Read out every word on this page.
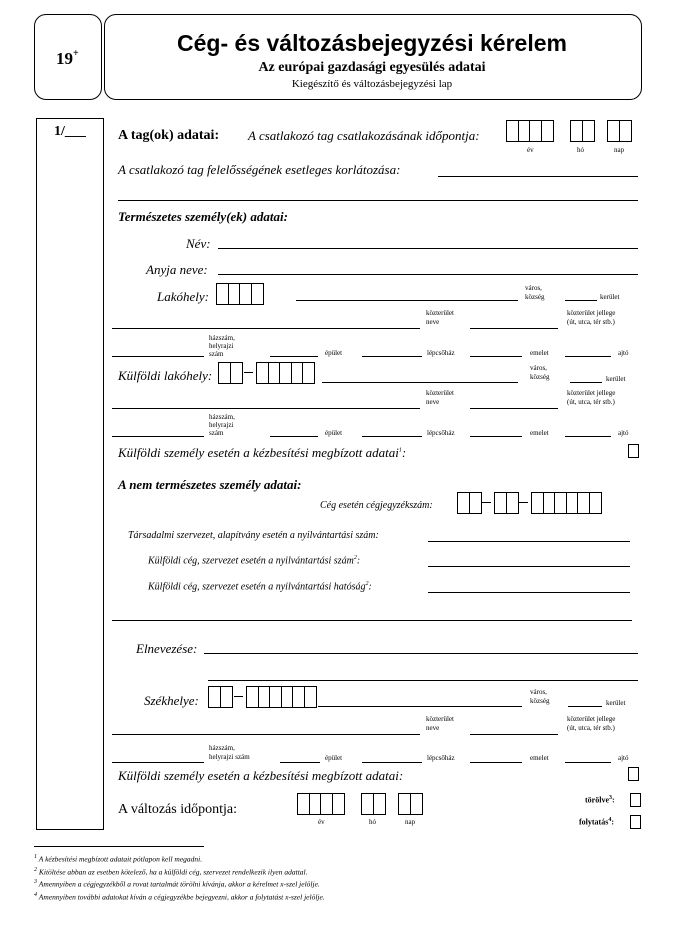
19+	Cég- és változásbejegyzési kérelem
Az európai gazdasági egyesülés adatai
Kiegészítő és változásbejegyzési lap
1/___ A tag(ok) adatai: A csatlakozó tag csatlakozásának időpontja:
év	hó	nap
A csatlakozó tag felelősségének esetleges korlátozása:
Természetes személy(ek) adatai:
Név:
Anyja neve:
Lakóhely:
város,
község	kerület
közterület
neve
közterület jellege
(út, utca, tér stb.)
házszám,
helyrajzi
szám	épület	lépcsőház	emelet	ajtó
Külföldi lakóhely:	város,
község	kerület
közterület
neve
közterület jellege
(út, utca, tér stb.)
házszám,
helyrajzi
szám	épület	lépcsőház	emelet	ajtó
Külföldi személy esetén a kézbesítési megbízott adatai$^1$:
A nem természetes személy adatai:
Cég esetén cégjegyzékszám:
Társadalmi szervezet, alapítvány esetén a nyilvántartási szám:
Külföldi cég, szervezet esetén a nyilvántartási szám$^2$:
Külföldi cég, szervezet esetén a nyilvántartási hatóság$^2$:
Elnevezése:
Székhelye:
város,
község	kerület
közterület
neve
közterület jellege
(út, utca, tér stb.)
házszám,
helyrajzi szám	épület	lépcsőház	emelet	ajtó
Külföldi személy esetén a kézbesítési megbízott adatai:
A változás időpontja:
év	hó	nap
törölve$^3$:
folytatás$^4$:
$^1$ A kézbesítési megbízott adatait pótlapon kell megadni.
$^2$ Kitöltése abban az esetben kötelező, ha a külföldi cég, szervezet rendelkezik ilyen adattal.
$^3$ Amennyiben a cégjegyzékből a rovat tartalmát törölni kívánja, akkor a kérelmet x-szel jelölje.
$^4$ Amennyiben további adatokat kíván a cégjegyzékbe bejegyezni, akkor a folytatást x-szel jelölje.
